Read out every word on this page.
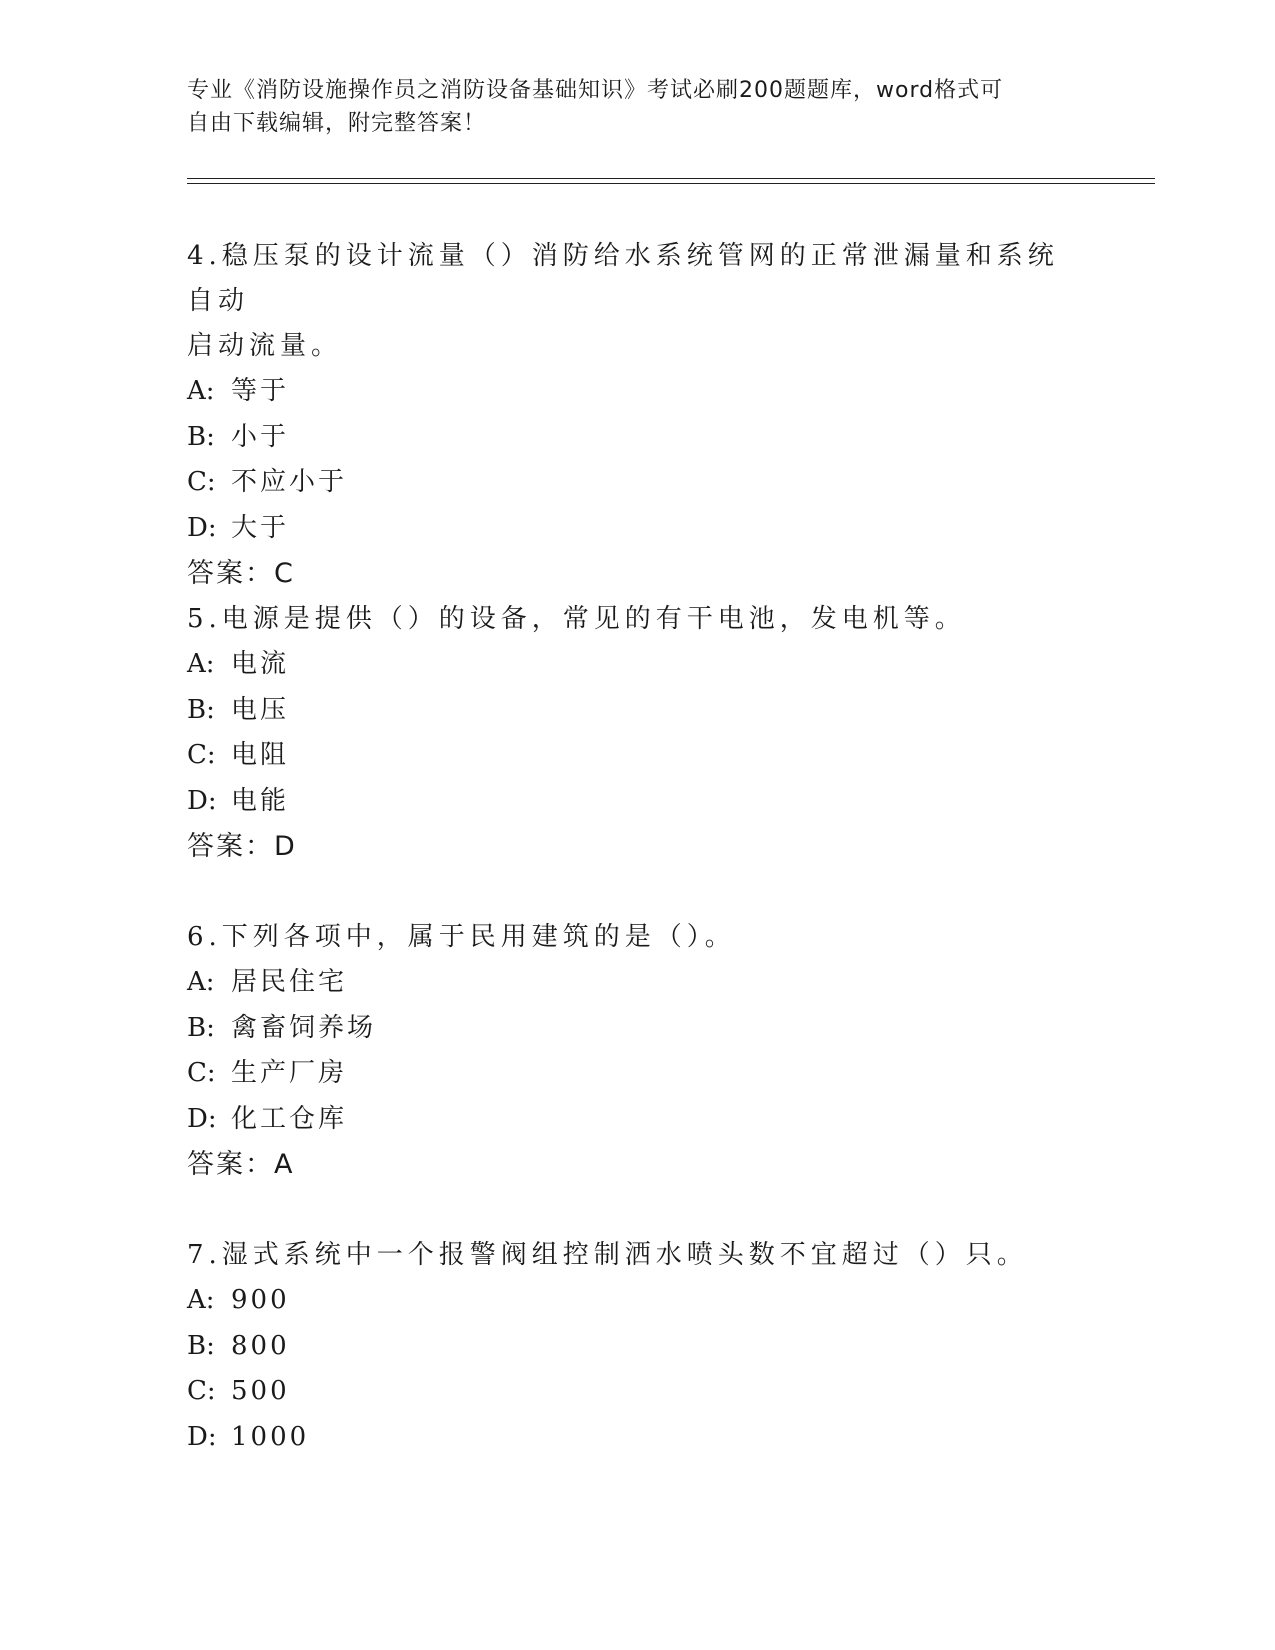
专业《消防设施操作员之消防设备基础知识》考试必刷200题题库，word格式可
自由下载编辑，附完整答案！
4.稳压泵的设计流量（）消防给水系统管网的正常泄漏量和系统自动
启动流量。
A: 等于
B: 小于
C: 不应小于
D: 大于
答案：C
5.电源是提供（）的设备，常见的有干电池，发电机等。
A: 电流
B: 电压
C: 电阻
D: 电能
答案：D
6.下列各项中，属于民用建筑的是（）。
A: 居民住宅
B: 禽畜饲养场
C: 生产厂房
D: 化工仓库
答案：A
7.湿式系统中一个报警阀组控制洒水喷头数不宜超过（）只。
A: 900
B: 800
C: 500
D: 1000
